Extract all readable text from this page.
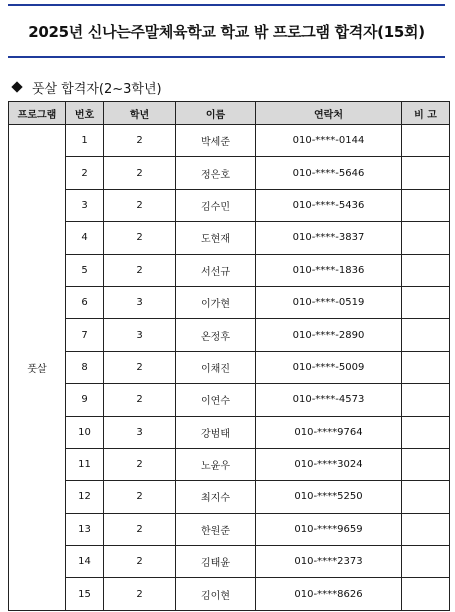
2025년 신나는주말체육학교 학교 밖 프로그램 합격자(15회)
풋살 합격자(2~3학년)
프로그램	번호	학년	이름	연락처	비 고
풋살	1	2	박세준	010-****-0144	
	2	2	정은호	010-****-5646	
	3	2	김수민	010-****-5436	
	4	2	도현재	010-****-3837	
	5	2	서선규	010-****-1836	
	6	3	이가현	010-****-0519	
	7	3	온정후	010-****-2890	
	8	2	이채진	010-****-5009	
	9	2	이연수	010-****-4573	
	10	3	강범태	010-****9764	
	11	2	노윤우	010-****3024	
	12	2	최지수	010-****5250	
	13	2	한원준	010-****9659	
	14	2	김태윤	010-****2373	
	15	2	김이현	010-****8626	
